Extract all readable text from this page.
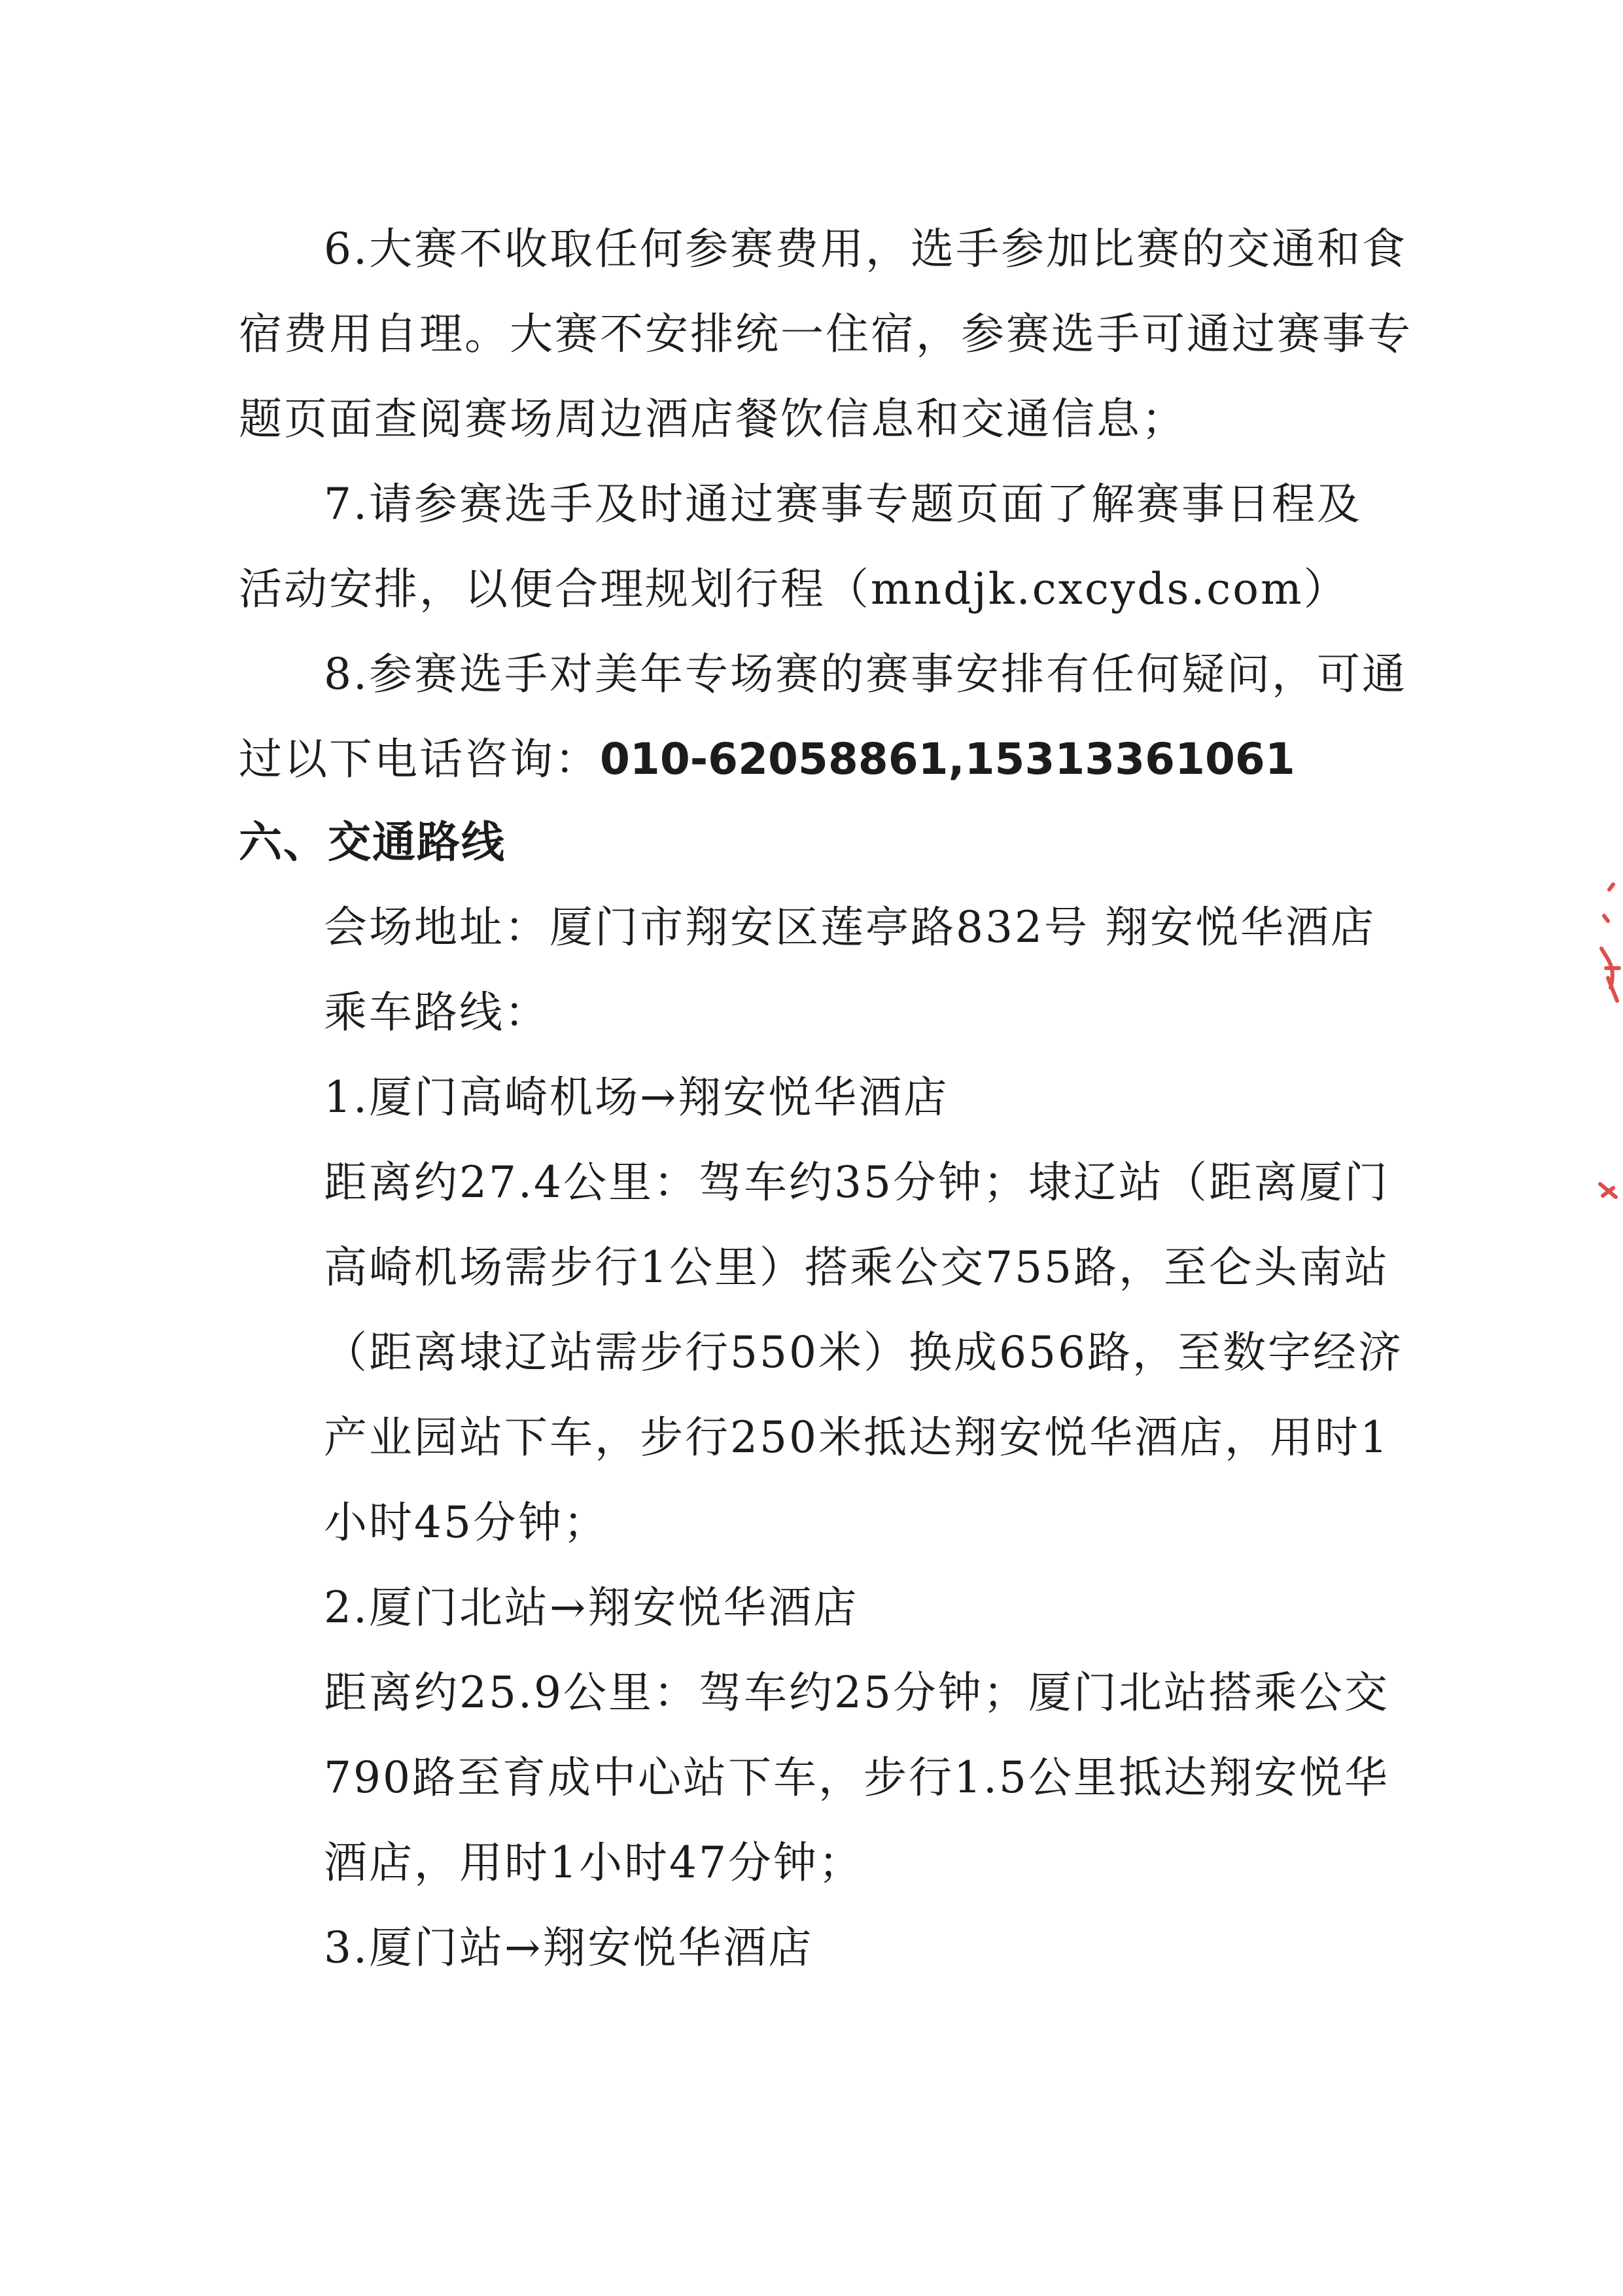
6.大赛不收取任何参赛费用，选手参加比赛的交通和食
宿费用自理。大赛不安排统一住宿，参赛选手可通过赛事专
题页面查阅赛场周边酒店餐饮信息和交通信息；
7.请参赛选手及时通过赛事专题页面了解赛事日程及
活动安排，以便合理规划行程（mndjk.cxcyds.com）
8.参赛选手对美年专场赛的赛事安排有任何疑问，可通
过以下电话咨询：010-62058861,15313361061
六、交通路线
会场地址：厦门市翔安区莲亭路832号 翔安悦华酒店
乘车路线：
1.厦门高崎机场→翔安悦华酒店
距离约27.4公里：驾车约35分钟；埭辽站（距离厦门
高崎机场需步行1公里）搭乘公交755路，至仑头南站
（距离埭辽站需步行550米）换成656路，至数字经济
产业园站下车，步行250米抵达翔安悦华酒店，用时1
小时45分钟；
2.厦门北站→翔安悦华酒店
距离约25.9公里：驾车约25分钟；厦门北站搭乘公交
790路至育成中心站下车，步行1.5公里抵达翔安悦华
酒店，用时1小时47分钟；
3.厦门站→翔安悦华酒店
